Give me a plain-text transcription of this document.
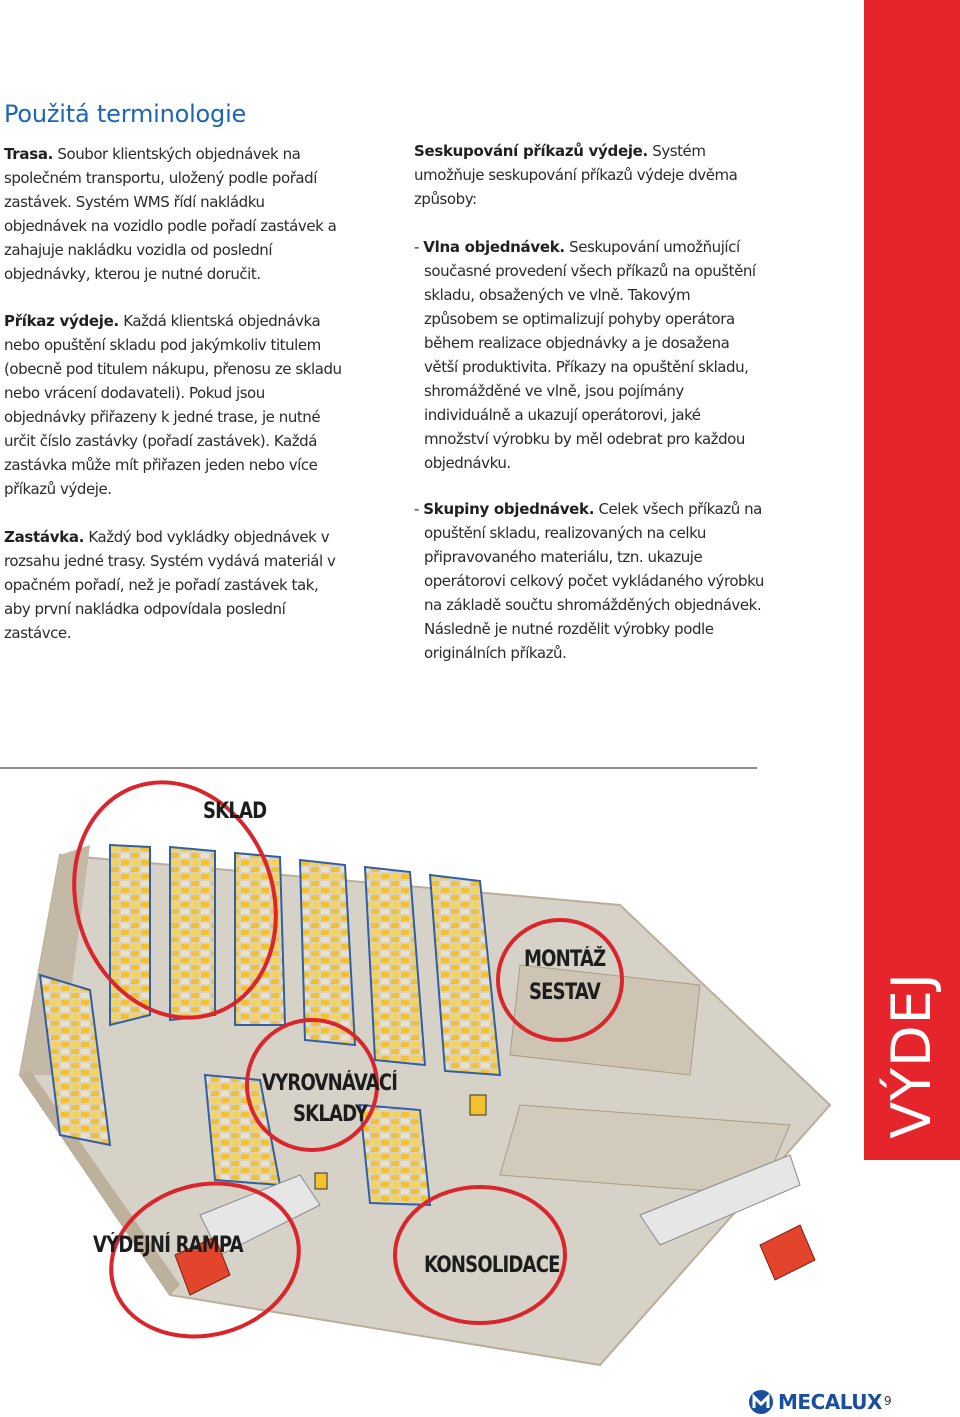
Použitá terminologie

Trasa. Soubor klientských objednávek na společném transportu, uložený podle pořadí zastávek. Systém WMS řídí nakládku objednávek na vozidlo podle pořadí zastávek a zahajuje nakládku vozidla od poslední objednávky, kterou je nutné doručit.

Příkaz výdeje. Každá klientská objednávka nebo opuštění skladu pod jakýmkoliv titulem (obecně pod titulem nákupu, přenosu ze skladu nebo vrácení dodavateli). Pokud jsou objednávky přiřazeny k jedné trase, je nutné určit číslo zastávky (pořadí zastávek). Každá zastávka může mít přiřazen jeden nebo více příkazů výdeje.

Zastávka. Každý bod vykládky objednávek v rozsahu jedné trasy. Systém vydává materiál v opačném pořadí, než je pořadí zastávek tak, aby první nakládka odpovídala poslední zastávce.

Seskupování příkazů výdeje. Systém umožňuje seskupování příkazů výdeje dvěma způsoby:

- Vlna objednávek. Seskupování umožňující současné provedení všech příkazů na opuštění skladu, obsažených ve vlně. Takovým způsobem se optimalizují pohyby operátora během realizace objednávky a je dosažena větší produktivita. Příkazy na opuštění skladu, shromážděné ve vlně, jsou pojímány individuálně a ukazují operátorovi, jaké množství výrobku by měl odebrat pro každou objednávku.

- Skupiny objednávek. Celek všech příkazů na opuštění skladu, realizovaných na celku připravovaného materiálu, tzn. ukazuje operátorovi celkový počet vykládaného výrobku na základě součtu shromážděných objednávek. Následně je nutné rozdělit výrobky podle originálních příkazů.

SKLAD

MONTÁŽ

SESTAV

VYROVNÁVACÍ

SKLADY

VÝDEJNÍ RAMPA

KONSOLIDACE

VÝDEJ
MECALUX 9
